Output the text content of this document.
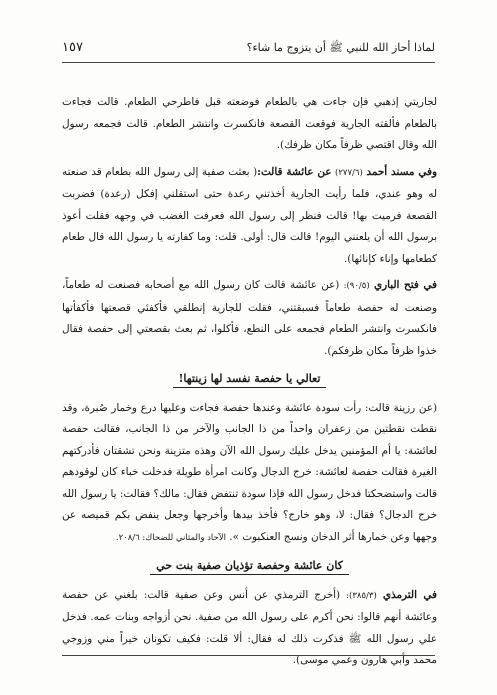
١٥٧	لماذا أحاز الله للنبي ﷺ أن يتزوج ما شاء؟

لجاريتي إذهبي فإن جاءت هي بالطعام فوضعته قبل فاطرحي الطعام. قالت فجاءت بالطعام فألقته الجارية فوقعت القصعة فانكسرت وانتشر الطعام. قالت فجمعه رسول الله وقال اقتصي ظرفاً مكان ظرفك).

وفي مسند أحمد (٢٧٧/٦) عن عائشة قالت:( بعثت صفية إلى رسول الله بطعام قد صنعته له وهو عندي، فلما رأيت الجارية أخذتني رعدة حتى استقلني إفكل (رعدة) فضربت القصعة فرميت بها! قالت فنظر إلى رسول الله فعرفت الغضب في وجهه فقلت أعوذ برسول الله أن يلعنني اليوم! قالت قال: أولى. قلت: وما كفارته يا رسول الله قال طعام كطعامها وإناء كإنائها).

في فتح الباري (٩٠/٥): (عن عائشة قالت كان رسول الله مع أصحابه فصنعت له طعاماً، وصنعت له حفصة طعاماً فسبقتني، فقلت للجارية إنطلقي فأكفئي قصعتها فأكفأتها فانكسرت وانتشر الطعام فجمعه على النطع، فأكلوا، ثم بعث بقصعتي إلى حفصة فقال خذوا ظرفاً مكان ظرفكم).

تعالي يا حفصة نفسد لها زينتها!

(عن رزينة قالت: رأت سودة عائشة وعندها حفصة فجاءت وعليها درع وخمار صُبرة، وقد نقطت نقطتين من زعفران واحداً من ذا الجانب والآخر من ذا الجانب، فقالت حفصة لعائشة: يا أم المؤمنين يدخل عليك رسول الله الآن وهذه متزينة ونحن تشقتان فأدركتهم الغيرة فقالت حفصة لعائشة: خرج الدجال وكانت امرأة طويلة فدخلت خباء كان لوقودهم قالت واستضحكتا فدخل رسول الله فإذا سودة تنتفض فقال: مالك؟ فقالت: يا رسول الله خرج الدجال؟ فقال: لا، وهو خارج؟ فأخذ بيدها وأخرجها وجعل ينفض بكم قميصه عن وجهها وعن خمارها أثر الدخان ونسج العنكبوت ». الآحاد والمثاني للضحاك: ٢٠٨/٦.

كان عائشة وحفصة تؤذيان صفية بنت حي

في الترمذي (٣٨٥/٣): (أخرج الترمذي عن أنس وعن صفية قالت: بلغني عن حفصة وعائشة أنهم قالوا: نحن أكرم على رسول الله من صفية. نحن أزواجه وبنات عمه. فدخل علي رسول الله ﷺ فذكرت ذلك له فقال: ألا قلت: فكيف تكونان خيراً مني وزوجي محمد وأبي هارون وعمي موسى).
